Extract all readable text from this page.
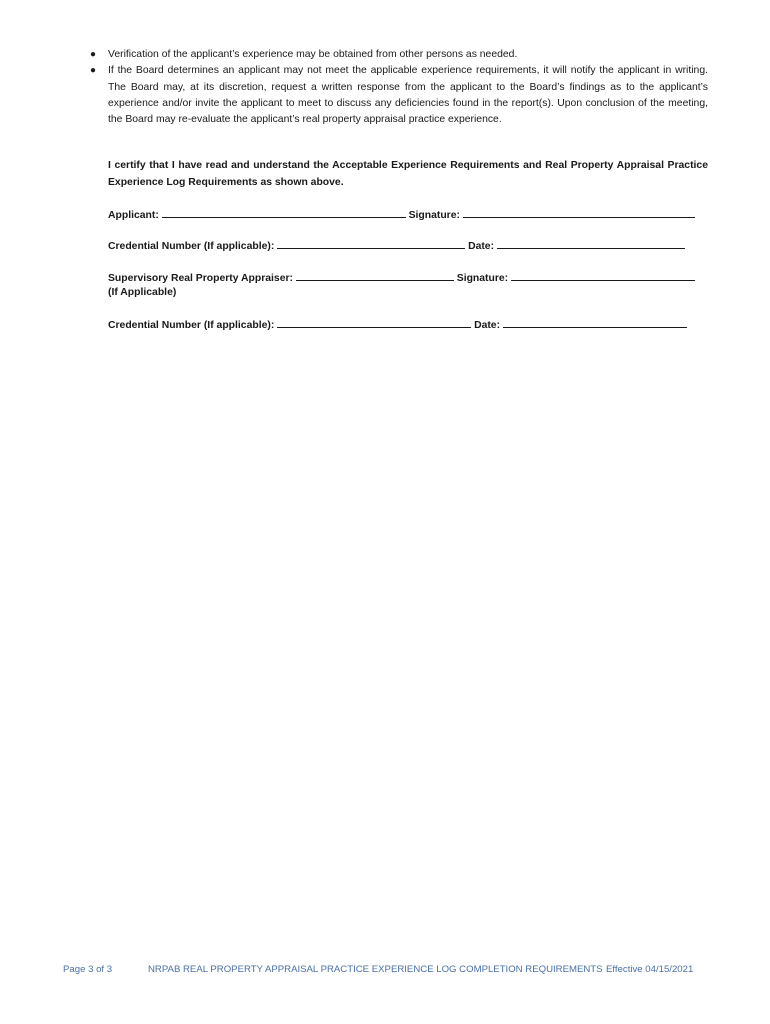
● Verification of the applicant’s experience may be obtained from other persons as needed.
● If the Board determines an applicant may not meet the applicable experience requirements, it will notify the applicant in writing. The Board may, at its discretion, request a written response from the applicant to the Board’s findings as to the applicant’s experience and/or invite the applicant to meet to discuss any deficiencies found in the report(s). Upon conclusion of the meeting, the Board may re-evaluate the applicant’s real property appraisal practice experience.

I certify that I have read and understand the Acceptable Experience Requirements and Real Property Appraisal Practice Experience Log Requirements as shown above.

Applicant:	Signature:
Credential Number (If applicable):	Date:
Supervisory Real Property Appraiser:	Signature:
(If Applicable)
Credential Number (If applicable):	Date:
Page 3 of 3	NRPAB REAL PROPERTY APPRAISAL PRACTICE EXPERIENCE LOG COMPLETION REQUIREMENTS Effective 04/15/2021
